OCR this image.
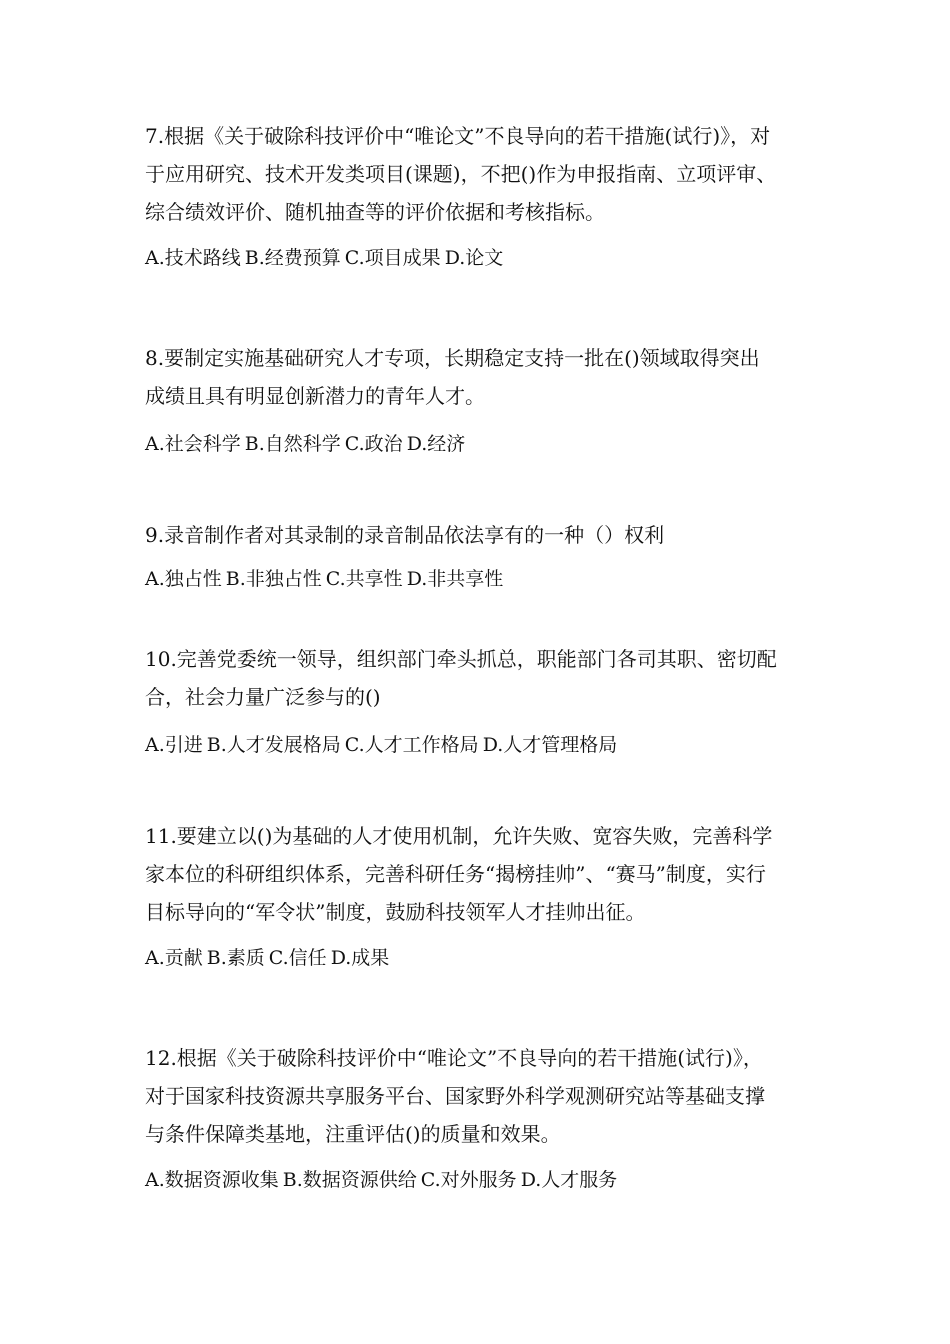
7.根据《关于破除科技评价中“唯论文”不良导向的若干措施(试行)》，对
于应用研究、技术开发类项目(课题)，不把()作为申报指南、立项评审、
综合绩效评价、随机抽查等的评价依据和考核指标。

A.技术路线 B.经费预算 C.项目成果 D.论文

8.要制定实施基础研究人才专项，长期稳定支持一批在()领域取得突出
成绩且具有明显创新潜力的青年人才。

A.社会科学 B.自然科学 C.政治 D.经济

9.录音制作者对其录制的录音制品依法享有的一种（）权利

A.独占性 B.非独占性 C.共享性 D.非共享性

10.完善党委统一领导，组织部门牵头抓总，职能部门各司其职、密切配
合，社会力量广泛参与的()

A.引进 B.人才发展格局 C.人才工作格局 D.人才管理格局

11.要建立以()为基础的人才使用机制，允许失败、宽容失败，完善科学
家本位的科研组织体系，完善科研任务“揭榜挂帅”、“赛马”制度，实行
目标导向的“军令状”制度，鼓励科技领军人才挂帅出征。

A.贡献 B.素质 C.信任 D.成果

12.根据《关于破除科技评价中“唯论文”不良导向的若干措施(试行)》，
对于国家科技资源共享服务平台、国家野外科学观测研究站等基础支撑
与条件保障类基地，注重评估()的质量和效果。

A.数据资源收集 B.数据资源供给 C.对外服务 D.人才服务
